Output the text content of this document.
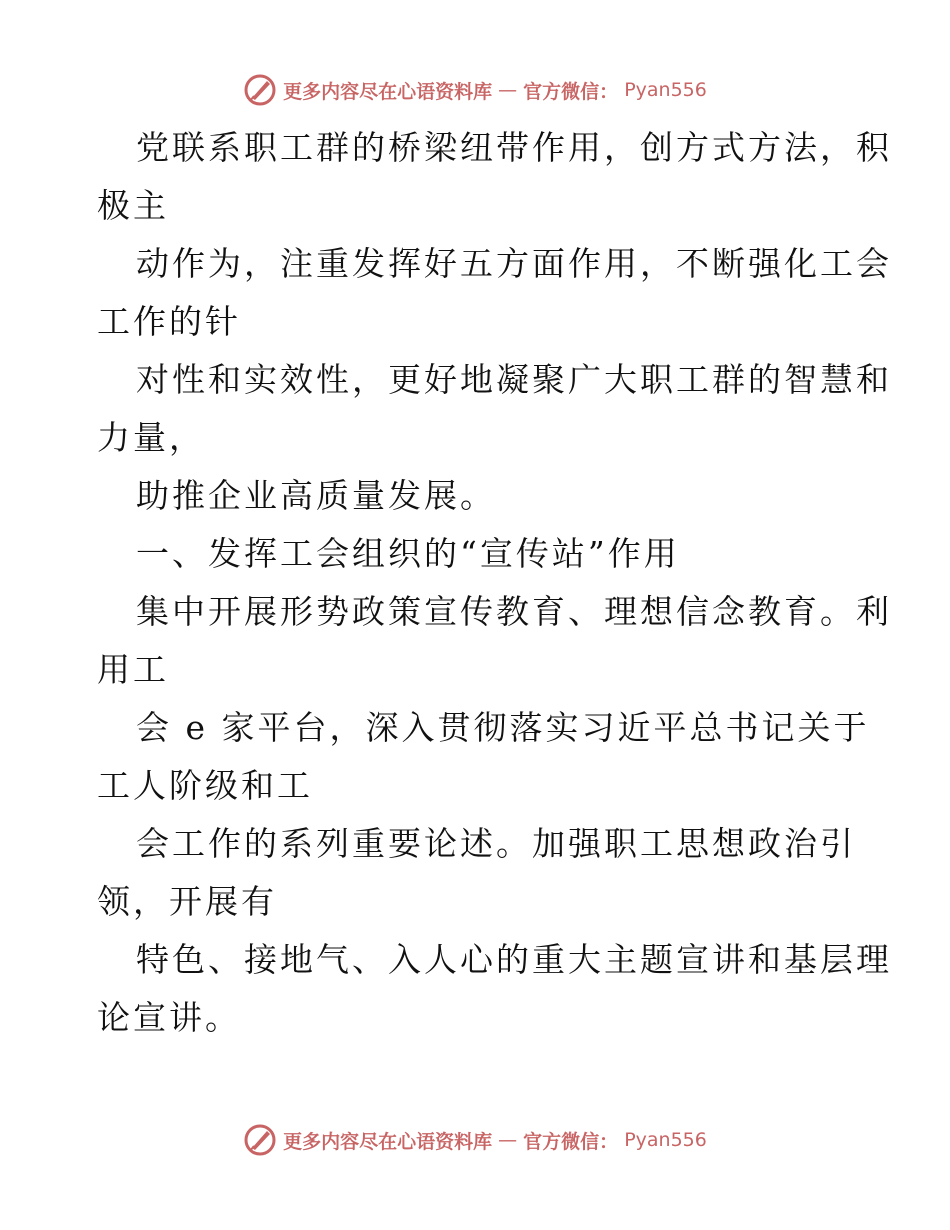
更多内容尽在心语资料库 — 官方微信： Pyan556
党联系职工群的桥梁纽带作用，创方式方法，积
极主
动作为，注重发挥好五方面作用，不断强化工会
工作的针
对性和实效性，更好地凝聚广大职工群的智慧和
力量，
助推企业高质量发展。
一、发挥工会组织的“宣传站”作用
集中开展形势政策宣传教育、理想信念教育。利
用工
会 e 家平台，深入贯彻落实习近平总书记关于
工人阶级和工
会工作的系列重要论述。加强职工思想政治引
领，开展有
特色、接地气、入人心的重大主题宣讲和基层理
论宣讲。
更多内容尽在心语资料库 — 官方微信： Pyan556
